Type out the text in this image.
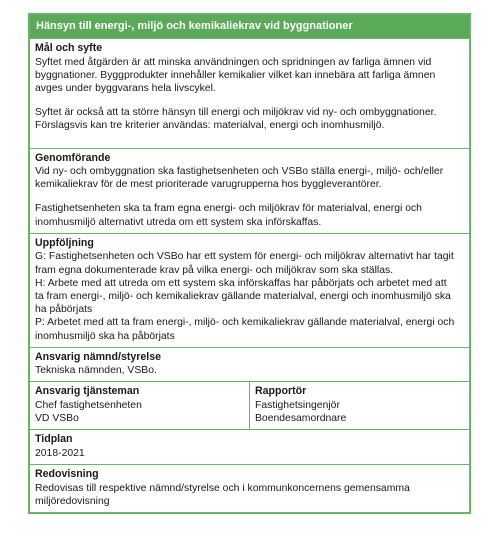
Hänsyn till energi-, miljö och kemikaliekrav vid byggnationer
Mål och syfte

Syftet med åtgärden är att minska användningen och spridningen av farliga ämnen vid
byggnationer. Byggprodukter innehåller kemikalier vilket kan innebära att farliga ämnen
avges under byggvarans hela livscykel.

Syftet är också att ta större hänsyn till energi och miljökrav vid ny- och ombyggnationer.
Förslagsvis kan tre kriterier användas: materialval, energi och inomhusmiljö.

Genomförande

Vid ny- och ombyggnation ska fastighetsenheten och VSBo ställa energi-, miljö- och/eller
kemikaliekrav för de mest prioriterade varugrupperna hos byggleverantörer.

Fastighetsenheten ska ta fram egna energi- och miljökrav för materialval, energi och
inomhusmiljö alternativt utreda om ett system ska införskaffas.

Uppföljning

G: Fastighetsenheten och VSBo har ett system för energi- och miljökrav alternativt har tagit
fram egna dokumenterade krav på vilka energi- och miljökrav som ska ställas.

H: Arbete med att utreda om ett system ska införskaffas har påbörjats och arbetet med att
ta fram energi-, miljö- och kemikaliekrav gällande materialval, energi och inomhusmiljö ska
ha påbörjats

P: Arbetet med att ta fram energi-, miljö- och kemikaliekrav gällande materialval, energi och
inomhusmiljö ska ha påbörjats

Ansvarig nämnd/styrelse

Tekniska nämnden, VSBo.

Ansvarig tjänsteman

Chef fastighetsenheten
VD VSBo

Rapportör

Fastighetsingenjör
Boendesamordnare

Tidplan

2018-2021

Redovisning

Redovisas till respektive nämnd/styrelse och i kommunkoncernens gemensamma
miljöredovisning
